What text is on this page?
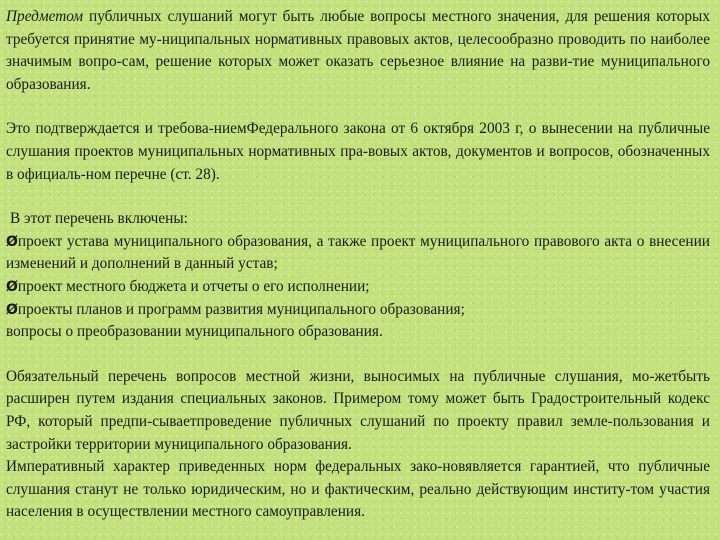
Предметом публичных слушаний могут быть любые вопросы местного значения, для решения которых требуется принятие му-ниципальных нормативных правовых актов, целесообразно проводить по наиболее значимым вопро-сам, решение которых может оказать серьезное влияние на разви-тие муниципального образования.

Это подтверждается и требова-ниемФедерального закона от 6 октября 2003 г, о вынесении на публичные слушания проектов муниципальных нормативных пра-вовых актов, документов и вопросов, обозначенных в официаль-ном перечне (ст. 28).

В этот перечень включены:
Øпроект устава муниципального образования, а также проект муниципального правового акта о внесении изменений и дополнений в данный устав;
Øпроект местного бюджета и отчеты о его исполнении;
Øпроекты планов и программ развития муниципального образования;
вопросы о преобразовании муниципального образования.

Обязательный перечень вопросов местной жизни, выносимых на публичные слушания, мо-жетбыть расширен путем издания специальных законов. Примером тому может быть Градостроительный кодекс РФ, который предпи-сываетпроведение публичных слушаний по проекту правил земле-пользования и застройки территории муниципального образования.

Императивный характер приведенных норм федеральных зако-новявляется гарантией, что публичные слушания станут не только юридическим, но и фактическим, реально действующим институ-том участия населения в осуществлении местного самоуправления.
